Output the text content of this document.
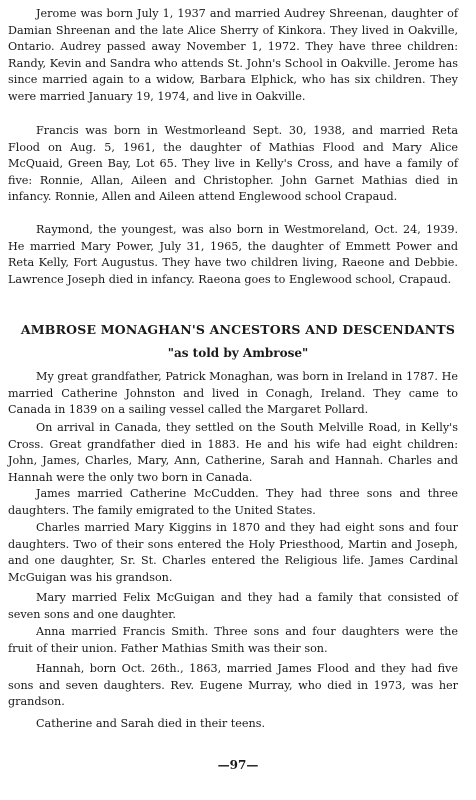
Jerome was born July 1, 1937 and married Audrey Shreenan, daughter of Damian Shreenan and the late Alice Sherry of Kinkora. They lived in Oakville, Ontario. Audrey passed away November 1, 1972. They have three children: Randy, Kevin and Sandra who attends St. John's School in Oakville. Jerome has since married again to a widow, Barbara Elphick, who has six children. They were married January 19, 1974, and live in Oakville.

Francis was born in Westmorleand Sept. 30, 1938, and married Reta Flood on Aug. 5, 1961, the daughter of Mathias Flood and Mary Alice McQuaid, Green Bay, Lot 65. They live in Kelly's Cross, and have a family of five: Ronnie, Allan, Aileen and Christopher. John Garnet Mathias died in infancy. Ronnie, Allen and Aileen attend Englewood school Crapaud.

Raymond, the youngest, was also born in Westmoreland, Oct. 24, 1939. He married Mary Power, July 31, 1965, the daughter of Emmett Power and Reta Kelly, Fort Augustus. They have two children living, Raeone and Debbie. Lawrence Joseph died in infancy. Raeona goes to Englewood school, Crapaud.

AMBROSE MONAGHAN'S ANCESTORS AND DESCENDANTS
"as told by Ambrose"

My great grandfather, Patrick Monaghan, was born in Ireland in 1787. He married Catherine Johnston and lived in Conagh, Ireland. They came to Canada in 1839 on a sailing vessel called the Margaret Pollard.

On arrival in Canada, they settled on the South Melville Road, in Kelly's Cross. Great grandfather died in 1883. He and his wife had eight children: John, James, Charles, Mary, Ann, Catherine, Sarah and Hannah. Charles and Hannah were the only two born in Canada.

James married Catherine McCudden. They had three sons and three daughters. The family emigrated to the United States.

Charles married Mary Kiggins in 1870 and they had eight sons and four daughters. Two of their sons entered the Holy Priesthood, Martin and Joseph, and one daughter, Sr. St. Charles entered the Religious life. James Cardinal McGuigan was his grandson.

Mary married Felix McGuigan and they had a family that consisted of seven sons and one daughter.

Anna married Francis Smith. Three sons and four daughters were the fruit of their union. Father Mathias Smith was their son.

Hannah, born Oct. 26th., 1863, married James Flood and they had five sons and seven daughters. Rev. Eugene Murray, who died in 1973, was her grandson.

Catherine and Sarah died in their teens.

—97—
